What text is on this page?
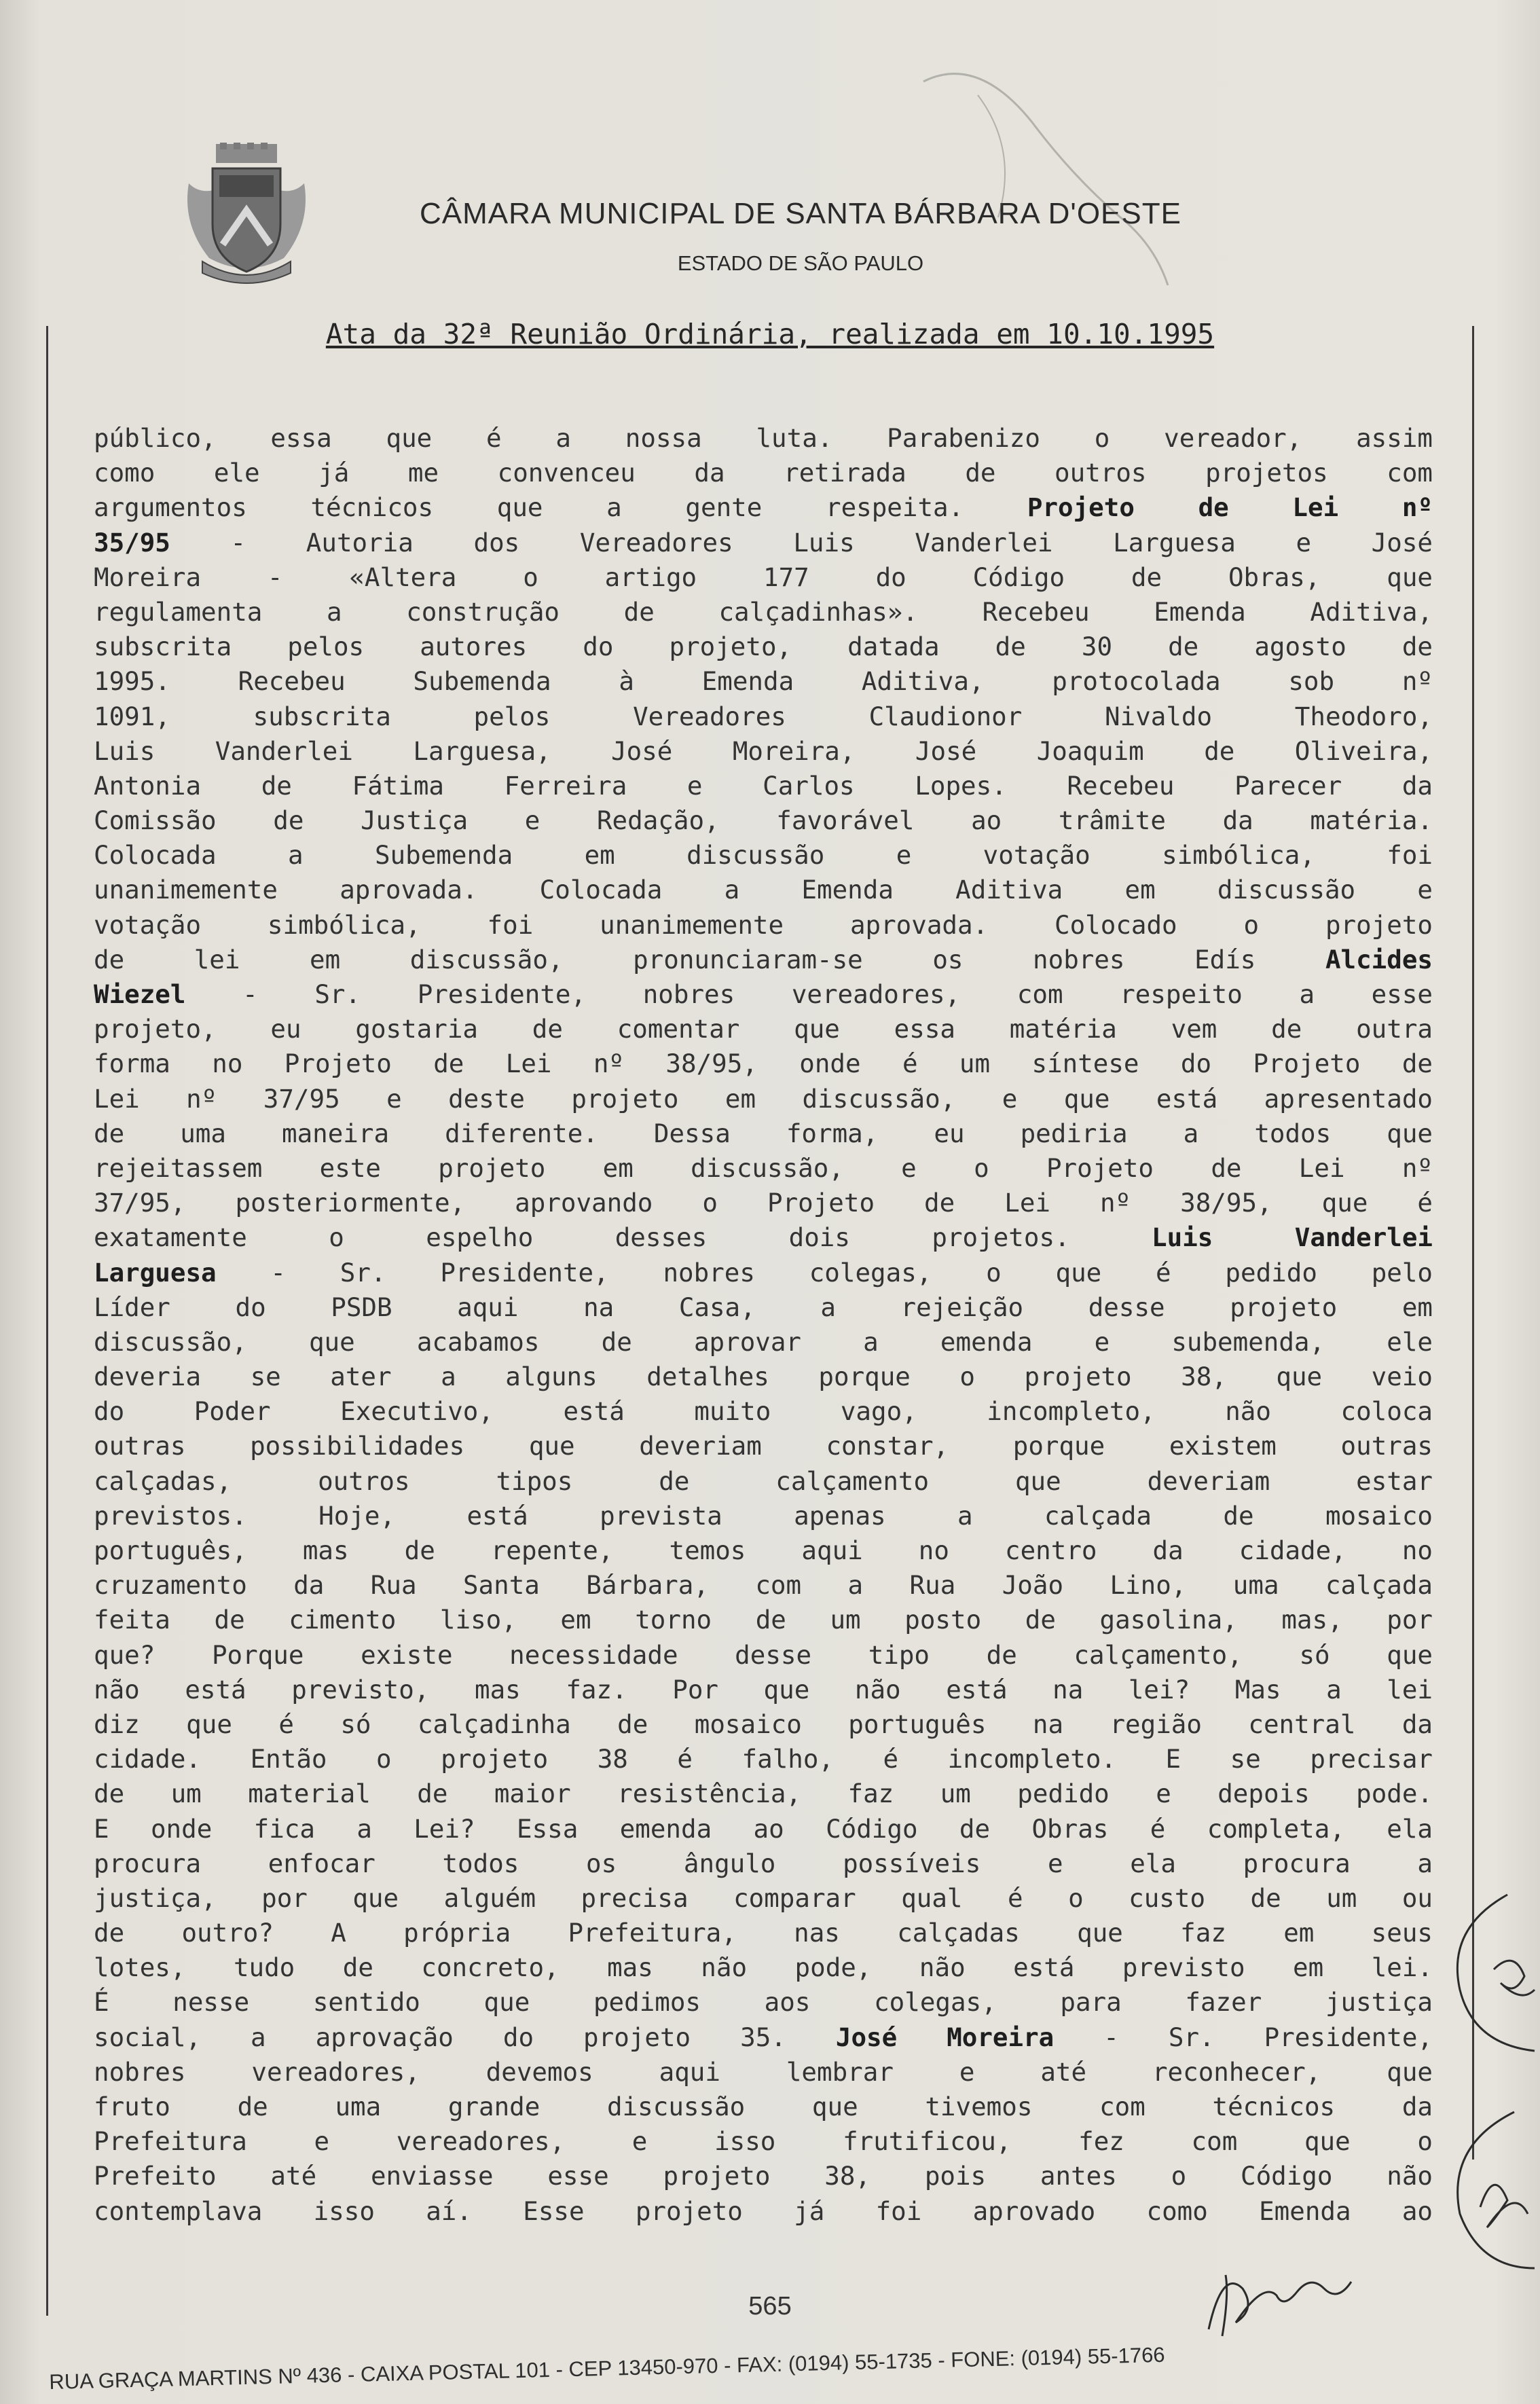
CÂMARA MUNICIPAL DE SANTA BÁRBARA D'OESTE
ESTADO DE SÃO PAULO
Ata da 32ª Reunião Ordinária, realizada em 10.10.1995
público, essa que é a nossa luta. Parabenizo o vereador, assim
como ele já me convenceu da retirada de outros projetos com
argumentos técnicos que a gente respeita. Projeto de Lei nº
35/95 - Autoria dos Vereadores Luis Vanderlei Larguesa e José
Moreira - «Altera o artigo 177 do Código de Obras, que
regulamenta a construção de calçadinhas». Recebeu Emenda Aditiva,
subscrita pelos autores do projeto, datada de 30 de agosto de
1995. Recebeu Subemenda à Emenda Aditiva, protocolada sob nº
1091, subscrita pelos Vereadores Claudionor Nivaldo Theodoro,
Luis Vanderlei Larguesa, José Moreira, José Joaquim de Oliveira,
Antonia de Fátima Ferreira e Carlos Lopes. Recebeu Parecer da
Comissão de Justiça e Redação, favorável ao trâmite da matéria.
Colocada a Subemenda em discussão e votação simbólica, foi
unanimemente aprovada. Colocada a Emenda Aditiva em discussão e
votação simbólica, foi unanimemente aprovada. Colocado o projeto
de lei em discussão, pronunciaram-se os nobres Edís Alcides
Wiezel - Sr. Presidente, nobres vereadores, com respeito a esse
projeto, eu gostaria de comentar que essa matéria vem de outra
forma no Projeto de Lei nº 38/95, onde é um síntese do Projeto de
Lei nº 37/95 e deste projeto em discussão, e que está apresentado
de uma maneira diferente. Dessa forma, eu pediria a todos que
rejeitassem este projeto em discussão, e o Projeto de Lei nº
37/95, posteriormente, aprovando o Projeto de Lei nº 38/95, que é
exatamente o espelho desses dois projetos. Luis Vanderlei
Larguesa - Sr. Presidente, nobres colegas, o que é pedido pelo
Líder do PSDB aqui na Casa, a rejeição desse projeto em
discussão, que acabamos de aprovar a emenda e subemenda, ele
deveria se ater a alguns detalhes porque o projeto 38, que veio
do Poder Executivo, está muito vago, incompleto, não coloca
outras possibilidades que deveriam constar, porque existem outras
calçadas, outros tipos de calçamento que deveriam estar
previstos. Hoje, está prevista apenas a calçada de mosaico
português, mas de repente, temos aqui no centro da cidade, no
cruzamento da Rua Santa Bárbara, com a Rua João Lino, uma calçada
feita de cimento liso, em torno de um posto de gasolina, mas, por
que? Porque existe necessidade desse tipo de calçamento, só que
não está previsto, mas faz. Por que não está na lei? Mas a lei
diz que é só calçadinha de mosaico português na região central da
cidade. Então o projeto 38 é falho, é incompleto. E se precisar
de um material de maior resistência, faz um pedido e depois pode.
E onde fica a Lei? Essa emenda ao Código de Obras é completa, ela
procura enfocar todos os ângulo possíveis e ela procura a
justiça, por que alguém precisa comparar qual é o custo de um ou
de outro? A própria Prefeitura, nas calçadas que faz em seus
lotes, tudo de concreto, mas não pode, não está previsto em lei.
É nesse sentido que pedimos aos colegas, para fazer justiça
social, a aprovação do projeto 35. José Moreira - Sr. Presidente,
nobres vereadores, devemos aqui lembrar e até reconhecer, que
fruto de uma grande discussão que tivemos com técnicos da
Prefeitura e vereadores, e isso frutificou, fez com que o
Prefeito até enviasse esse projeto 38, pois antes o Código não
contemplava isso aí. Esse projeto já foi aprovado como Emenda ao
565
RUA GRAÇA MARTINS Nº 436 - CAIXA POSTAL 101 - CEP 13450-970 - FAX: (0194) 55-1735 - FONE: (0194) 55-1766
